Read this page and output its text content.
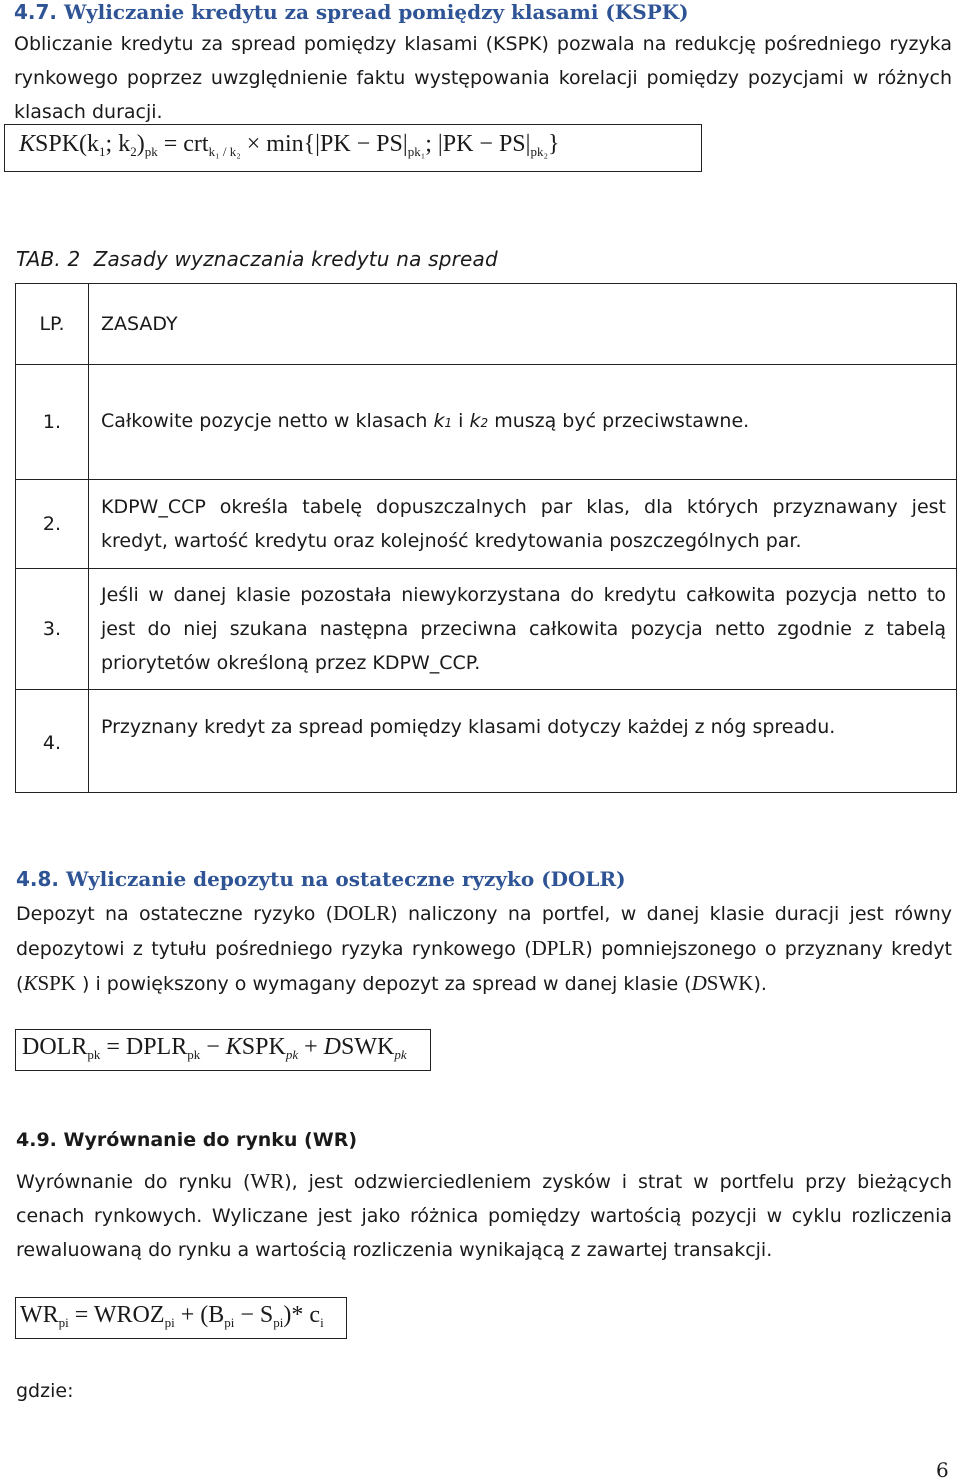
4.7. Wyliczanie kredytu za spread pomiędzy klasami (KSPK)
Obliczanie kredytu za spread pomiędzy klasami (KSPK) pozwala na redukcję pośredniego ryzyka rynkowego poprzez uwzględnienie faktu występowania korelacji pomiędzy pozycjami w różnych klasach duracji.
$KSPK(k_1$; $k_2)_{pk} = crt_{k_1 / k_2} \times \min\{|PK - PS|_{pk_1}$; $|PK - PS|_{pk_2}$}
TAB. 2 Zasady wyznaczania kredytu na spread
LP.	ZASADY
1.	Całkowite pozycje netto w klasach k1 i k2 muszą być przeciwstawne.
2.	KDPW_CCP określa tabelę dopuszczalnych par klas, dla których przyznawany jest kredyt, wartość kredytu oraz kolejność kredytowania poszczególnych par.
3.	Jeśli w danej klasie pozostała niewykorzystana do kredytu całkowita pozycja netto to jest do niej szukana następna przeciwna całkowita pozycja netto zgodnie z tabelą priorytetów określoną przez KDPW_CCP.
4.	Przyznany kredyt za spread pomiędzy klasami dotyczy każdej z nóg spreadu.
4.8. Wyliczanie depozytu na ostateczne ryzyko (DOLR)
Depozyt na ostateczne ryzyko (DOLR) naliczony na portfel, w danej klasie duracji jest równy depozytowi z tytułu pośredniego ryzyka rynkowego (DPLR) pomniejszonego o przyznany kredyt (KSPK ) i powiększony o wymagany depozyt za spread w danej klasie (DSWK).
$DOLR_{pk}$ = $DPLR_{pk}$ − $KSPK_{pk}$ + $DSWK_{pk}$
4.9. Wyrównanie do rynku (WR)
Wyrównanie do rynku (WR), jest odzwierciedleniem zysków i strat w portfelu przy bieżących cenach rynkowych. Wyliczane jest jako różnica pomiędzy wartością pozycji w cyklu rozliczenia rewaluowaną do rynku a wartością rozliczenia wynikającą z zawartej transakcji.
$WR_{pi}$ = $WROZ_{pi} + (B_{pi} - S_{pi})*$ $c_i$
gdzie:
6
